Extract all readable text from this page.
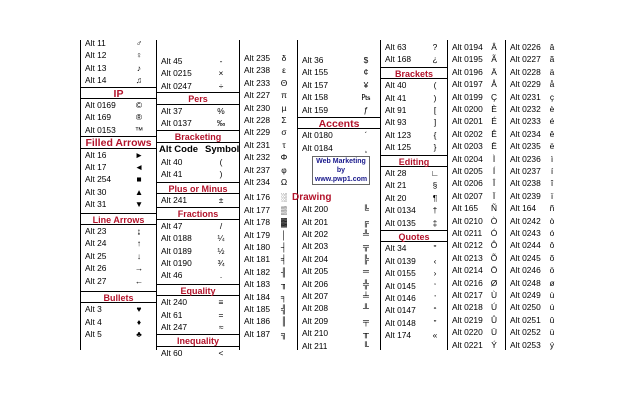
Alt 11	♂
Alt 12	♀
Alt 13	♪
Alt 14	♫
IP
Alt 0169	©
Alt 169	®
Alt 0153	™
Filled Arrows
Alt 16	►
Alt 17	◄
Alt 254	■
Alt 30	▲
Alt 31	▼
Line Arrows
Alt 23	↨
Alt 24	↑
Alt 25	↓
Alt 26	→
Alt 27	←
Bullets
Alt 3	♥
Alt 4	♦
Alt 5	♣
Alt 45	-
Alt 0215	×
Alt 0247	÷
Pers
Alt 37	%
Alt 0137	‰
Bracketing
Alt Code Symbol
Alt 40	(
Alt 41	)
Plus or Minus
Alt 241	±
Fractions
Alt 47	/
Alt 0188	¼
Alt 0189	½
Alt 0190	¾
Alt 46	.
Equality
Alt 240	≡
Alt 61	=
Alt 247	≈
Inequality
Alt 60	<
Alt 235	δ
Alt 238	ε
Alt 233	Θ
Alt 227	π
Alt 230	µ
Alt 228	Σ
Alt 229	σ
Alt 231	τ
Alt 232	Φ
Alt 237	φ
Alt 234	Ω
Alt 176	░
Alt 177	▒
Alt 178	▓
Alt 179	│
Alt 180	┤
Alt 181	╡
Alt 182	╢
Alt 183	╖
Alt 184	╕
Alt 185	╣
Alt 186	║
Alt 187	╗
Alt 36	$
Alt 155	¢
Alt 157	¥
Alt 158	₧
Alt 159	ƒ
Accents
Alt 0180	´
Alt 0184	¸
Web Marketing
by
www.pwp1.com
Drawing
Alt 200	╚
Alt 201	╔
Alt 202	╩
Alt 203	╦
Alt 204	╠
Alt 205	═
Alt 206	╬
Alt 207	╧
Alt 208	╨
Alt 209	╤
Alt 210	╥
Alt 211	╙
Alt 63	?
Alt 168	¿
Brackets
Alt 40	(
Alt 41	)
Alt 91	[
Alt 93	]
Alt 123	{
Alt 125	}
Editing
Alt 28	∟
Alt 21	§
Alt 20	¶
Alt 0134	†
Alt 0135	‡
Quotes
Alt 34	"
Alt 0139	‹
Alt 0155	›
Alt 0145	‘
Alt 0146	’
Alt 0147	“
Alt 0148	”
Alt 174	«
Alt 0194	Â
Alt 0195	Ã
Alt 0196	Ä
Alt 0197	Å
Alt 0199 Ç
Alt 0200	È
Alt 0201	É
Alt 0202	Ê
Alt 0203	Ë
Alt 0204	Ì
Alt 0205	Í
Alt 0206	Î
Alt 0207	Ï
Alt 165	Ñ
Alt 0210 Ò
Alt 0211	Ó
Alt 0212 Ô
Alt 0213 Õ
Alt 0214 Ö
Alt 0216 Ø
Alt 0217 Ù
Alt 0218 Ú
Alt 0219 Û
Alt 0220 Ü
Alt 0221	Ý
Alt 0226	â
Alt 0227	ã
Alt 0228	ä
Alt 0229	å
Alt 0231	ç
Alt 0232	è
Alt 0233	é
Alt 0234	ê
Alt 0235	ë
Alt 0236	ì
Alt 0237	í
Alt 0238	î
Alt 0239	ï
Alt 164	ñ
Alt 0242	ò
Alt 0243	ó
Alt 0244	ô
Alt 0245	õ
Alt 0246	ö
Alt 0248	ø
Alt 0249	ù
Alt 0250	ú
Alt 0251	û
Alt 0252	ü
Alt 0253	ý
